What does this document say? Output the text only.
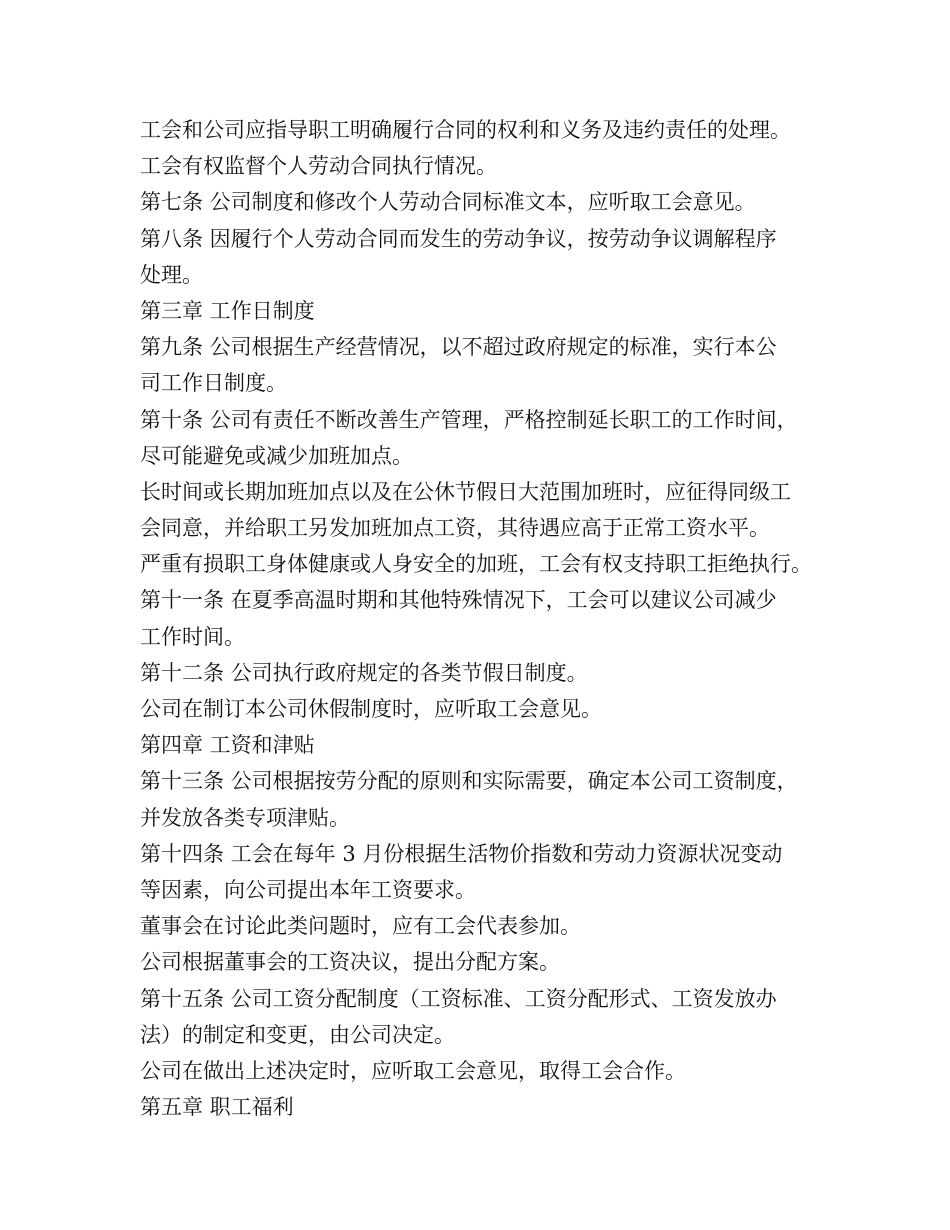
工会和公司应指导职工明确履行合同的权利和义务及违约责任的处理。
工会有权监督个人劳动合同执行情况。
第七条 公司制度和修改个人劳动合同标准文本，应听取工会意见。
第八条 因履行个人劳动合同而发生的劳动争议，按劳动争议调解程序
处理。
第三章 工作日制度
第九条 公司根据生产经营情况，以不超过政府规定的标准，实行本公
司工作日制度。
第十条 公司有责任不断改善生产管理，严格控制延长职工的工作时间，
尽可能避免或减少加班加点。
长时间或长期加班加点以及在公休节假日大范围加班时，应征得同级工
会同意，并给职工另发加班加点工资，其待遇应高于正常工资水平。
严重有损职工身体健康或人身安全的加班，工会有权支持职工拒绝执行。
第十一条 在夏季高温时期和其他特殊情况下，工会可以建议公司减少
工作时间。
第十二条 公司执行政府规定的各类节假日制度。
公司在制订本公司休假制度时，应听取工会意见。
第四章 工资和津贴
第十三条 公司根据按劳分配的原则和实际需要，确定本公司工资制度，
并发放各类专项津贴。
第十四条 工会在每年 3 月份根据生活物价指数和劳动力资源状况变动
等因素，向公司提出本年工资要求。
董事会在讨论此类问题时，应有工会代表参加。
公司根据董事会的工资决议，提出分配方案。
第十五条 公司工资分配制度（工资标准、工资分配形式、工资发放办
法）的制定和变更，由公司决定。
公司在做出上述决定时，应听取工会意见，取得工会合作。
第五章 职工福利
